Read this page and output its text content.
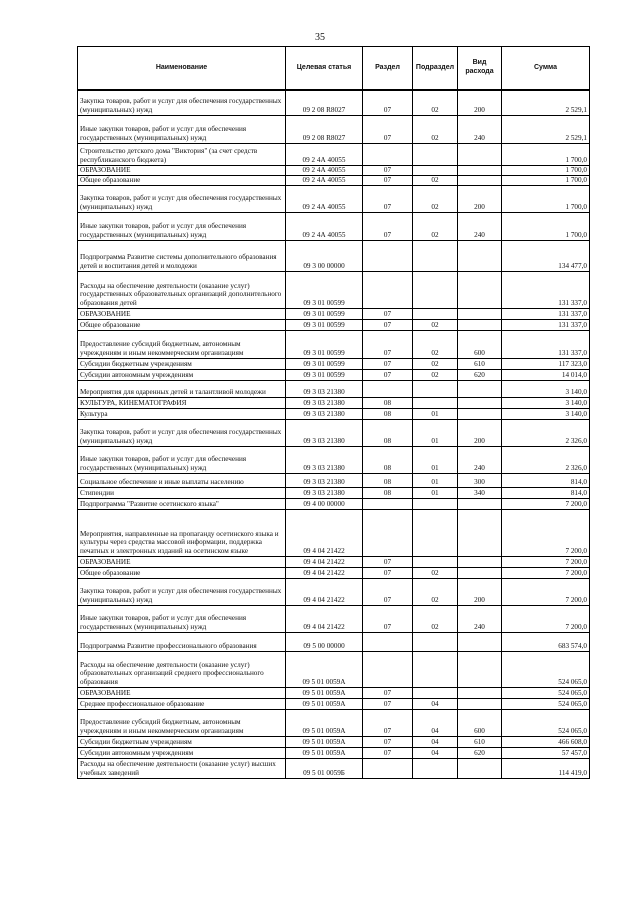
35
Наименование	Целевая статья	Раздел	Подраздел	Вид расхода	Сумма
Закупка товаров, работ и услуг для обеспечения государственных (муниципальных) нужд	09 2 08 R8027	07	02	200	2 529,1
Иные закупки товаров, работ и услуг для обеспечения государственных (муниципальных) нужд	09 2 08 R8027	07	02	240	2 529,1
Строительство детского дома "Виктория" (за счет средств республиканского бюджета)	09 2 4А 40055				1 700,0
ОБРАЗОВАНИЕ	09 2 4А 40055	07			1 700,0
Общее образование	09 2 4А 40055	07	02		1 700,0
Закупка товаров, работ и услуг для обеспечения государственных (муниципальных) нужд	09 2 4А 40055	07	02	200	1 700,0
Иные закупки товаров, работ и услуг для обеспечения государственных (муниципальных) нужд	09 2 4А 40055	07	02	240	1 700,0
Подпрограмма Развитие системы дополнительного образования детей и воспитания детей и молодежи	09 3 00 00000				134 477,0
Расходы на обеспечение деятельности (оказание услуг) государственных образовательных организаций дополнительного образования детей	09 3 01 00599				131 337,0
ОБРАЗОВАНИЕ	09 3 01 00599	07			131 337,0
Общее образование	09 3 01 00599	07	02		131 337,0
Предоставление субсидий бюджетным, автономным учреждениям и иным некоммерческим организациям	09 3 01 00599	07	02	600	131 337,0
Субсидии бюджетным учреждениям	09 3 01 00599	07	02	610	117 323,0
Субсидии автономным учреждениям	09 3 01 00599	07	02	620	14 014,0
Мероприятия для одаренных детей и талантливой молодежи	09 3 03 21380				3 140,0
КУЛЬТУРА, КИНЕМАТОГРАФИЯ	09 3 03 21380	08			3 140,0
Культура	09 3 03 21380	08	01		3 140,0
Закупка товаров, работ и услуг для обеспечения государственных (муниципальных) нужд	09 3 03 21380	08	01	200	2 326,0
Иные закупки товаров, работ и услуг для обеспечения государственных (муниципальных) нужд	09 3 03 21380	08	01	240	2 326,0
Социальное обеспечение и иные выплаты населению	09 3 03 21380	08	01	300	814,0
Стипендии	09 3 03 21380	08	01	340	814,0
Подпрограмма "Развитие осетинского языка"	09 4 00 00000				7 200,0
Мероприятия, направленные на пропаганду осетинского языка и культуры через средства массовой информации, поддержка печатных и электронных изданий на осетинском языке	09 4 04 21422				7 200,0
ОБРАЗОВАНИЕ	09 4 04 21422	07			7 200,0
Общее образование	09 4 04 21422	07	02		7 200,0
Закупка товаров, работ и услуг для обеспечения государственных (муниципальных) нужд	09 4 04 21422	07	02	200	7 200,0
Иные закупки товаров, работ и услуг для обеспечения государственных (муниципальных) нужд	09 4 04 21422	07	02	240	7 200,0
Подпрограмма Развитие профессионального образования	09 5 00 00000				683 574,0
Расходы на обеспечение деятельности (оказание услуг) образовательных организаций среднего профессионального образования	09 5 01 0059А				524 065,0
ОБРАЗОВАНИЕ	09 5 01 0059А	07			524 065,0
Среднее профессиональное образование	09 5 01 0059А	07	04		524 065,0
Предоставление субсидий бюджетным, автономным учреждениям и иным некоммерческим организациям	09 5 01 0059А	07	04	600	524 065,0
Субсидии бюджетным учреждениям	09 5 01 0059А	07	04	610	466 608,0
Субсидии автономным учреждениям	09 5 01 0059А	07	04	620	57 457,0
Расходы на обеспечение деятельности (оказание услуг) высших учебных заведений	09 5 01 0059Б				114 419,0
